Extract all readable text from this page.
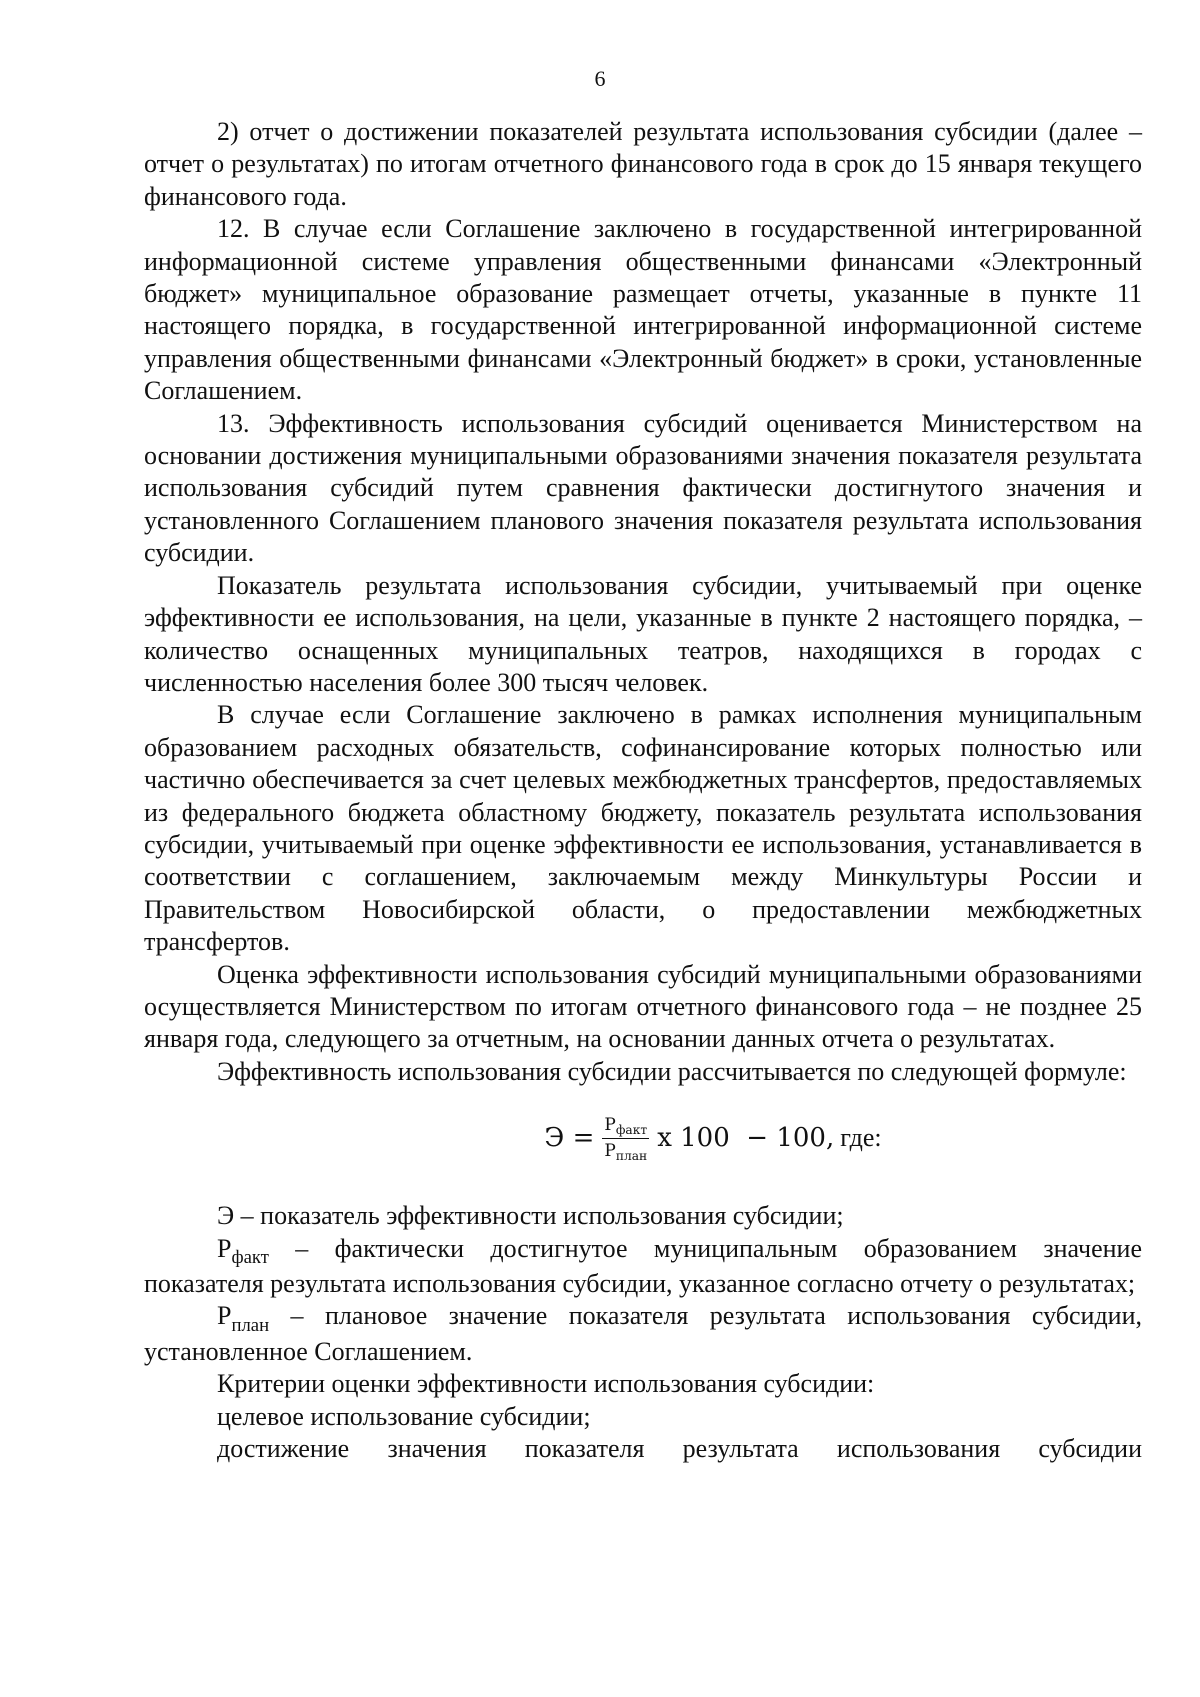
6

2) отчет о достижении показателей результата использования субсидии (далее – отчет о результатах) по итогам отчетного финансового года в срок до 15 января текущего финансового года.

12. В случае если Соглашение заключено в государственной интегрированной информационной системе управления общественными финансами «Электронный бюджет» муниципальное образование размещает отчеты, указанные в пункте 11 настоящего порядка, в государственной интегрированной информационной системе управления общественными финансами «Электронный бюджет» в сроки, установленные Соглашением.

13. Эффективность использования субсидий оценивается Министерством на основании достижения муниципальными образованиями значения показателя результата использования субсидий путем сравнения фактически достигнутого значения и установленного Соглашением планового значения показателя результата использования субсидии.

Показатель результата использования субсидии, учитываемый при оценке эффективности ее использования, на цели, указанные в пункте 2 настоящего порядка, – количество оснащенных муниципальных театров, находящихся в городах с численностью населения более 300 тысяч человек.

В случае если Соглашение заключено в рамках исполнения муниципальным образованием расходных обязательств, софинансирование которых полностью или частично обеспечивается за счет целевых межбюджетных трансфертов, предоставляемых из федерального бюджета областному бюджету, показатель результата использования субсидии, учитываемый при оценке эффективности ее использования, устанавливается в соответствии с соглашением, заключаемым между Минкультуры России и Правительством Новосибирской области, о предоставлении межбюджетных трансфертов.

Оценка эффективности использования субсидий муниципальными образованиями осуществляется Министерством по итогам отчетного финансового года – не позднее 25 января года, следующего за отчетным, на основании данных отчета о результатах.

Эффективность использования субсидии рассчитывается по следующей формуле:

$Э = \frac{Р_{факт}}{Р_{план}}$ х 100  − 100, где:

Э – показатель эффективности использования субсидии;

$Р_{факт}$ – фактически достигнутое муниципальным образованием значение показателя результата использования субсидии, указанное согласно отчету о результатах;

$Р_{план}$ – плановое значение показателя результата использования субсидии, установленное Соглашением.

Критерии оценки эффективности использования субсидии:

целевое использование субсидии;

достижение значения показателя результата использования субсидии
